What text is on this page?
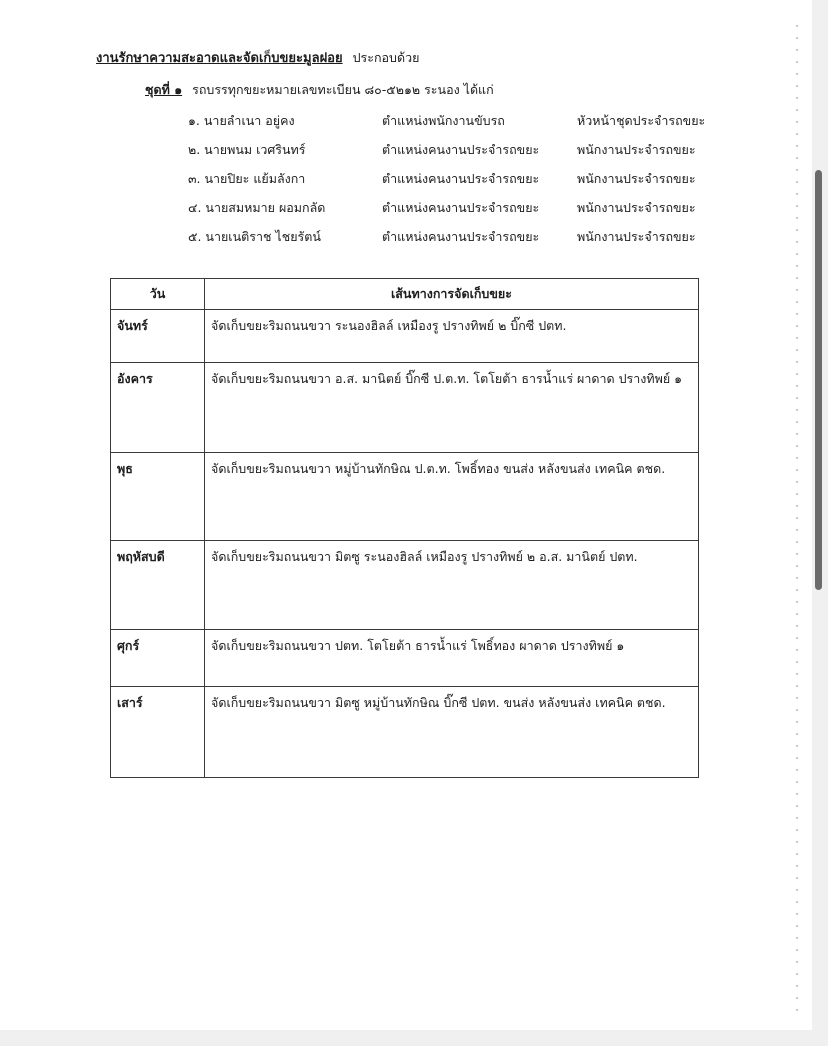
งานรักษาความสะอาดและจัดเก็บขยะมูลฝอย ประกอบด้วย
ชุดที่ ๑ รถบรรทุกขยะหมายเลขทะเบียน ๘๐-๕๒๑๒ ระนอง ได้แก่
๑. นายลำเนา อยู่คง	ตำแหน่งพนักงานขับรถ	หัวหน้าชุดประจำรถขยะ
๒. นายพนม เวศรินทร์	ตำแหน่งคนงานประจำรถขยะ	พนักงานประจำรถขยะ
๓. นายปิยะ แย้มลังกา	ตำแหน่งคนงานประจำรถขยะ	พนักงานประจำรถขยะ
๔. นายสมหมาย ผอมกลัด	ตำแหน่งคนงานประจำรถขยะ	พนักงานประจำรถขยะ
๕. นายเนติราช ไชยรัตน์	ตำแหน่งคนงานประจำรถขยะ	พนักงานประจำรถขยะ
วัน	เส้นทางการจัดเก็บขยะ
จันทร์	จัดเก็บขยะริมถนนขวา ระนองฮิลล์ เหมืองรู ปรางทิพย์ ๒ บิ๊กซี ปตท.
อังคาร	จัดเก็บขยะริมถนนขวา อ.ส. มานิตย์ บิ๊กซี ป.ต.ท. โตโยต้า ธารน้ำแร่ ผาดาด ปรางทิพย์ ๑
พุธ	จัดเก็บขยะริมถนนขวา หมู่บ้านทักษิณ ป.ต.ท. โพธิ์ทอง ขนส่ง หลังขนส่ง เทคนิค ตชด.
พฤหัสบดี	จัดเก็บขยะริมถนนขวา มิตซู ระนองฮิลล์ เหมืองรู ปรางทิพย์ ๒ อ.ส. มานิตย์ ปตท.
ศุกร์	จัดเก็บขยะริมถนนขวา ปตท. โตโยต้า ธารน้ำแร่ โพธิ์ทอง ผาดาด ปรางทิพย์ ๑
เสาร์	จัดเก็บขยะริมถนนขวา มิตซู หมู่บ้านทักษิณ บิ๊กซี ปตท. ขนส่ง หลังขนส่ง เทคนิค ตชด.
